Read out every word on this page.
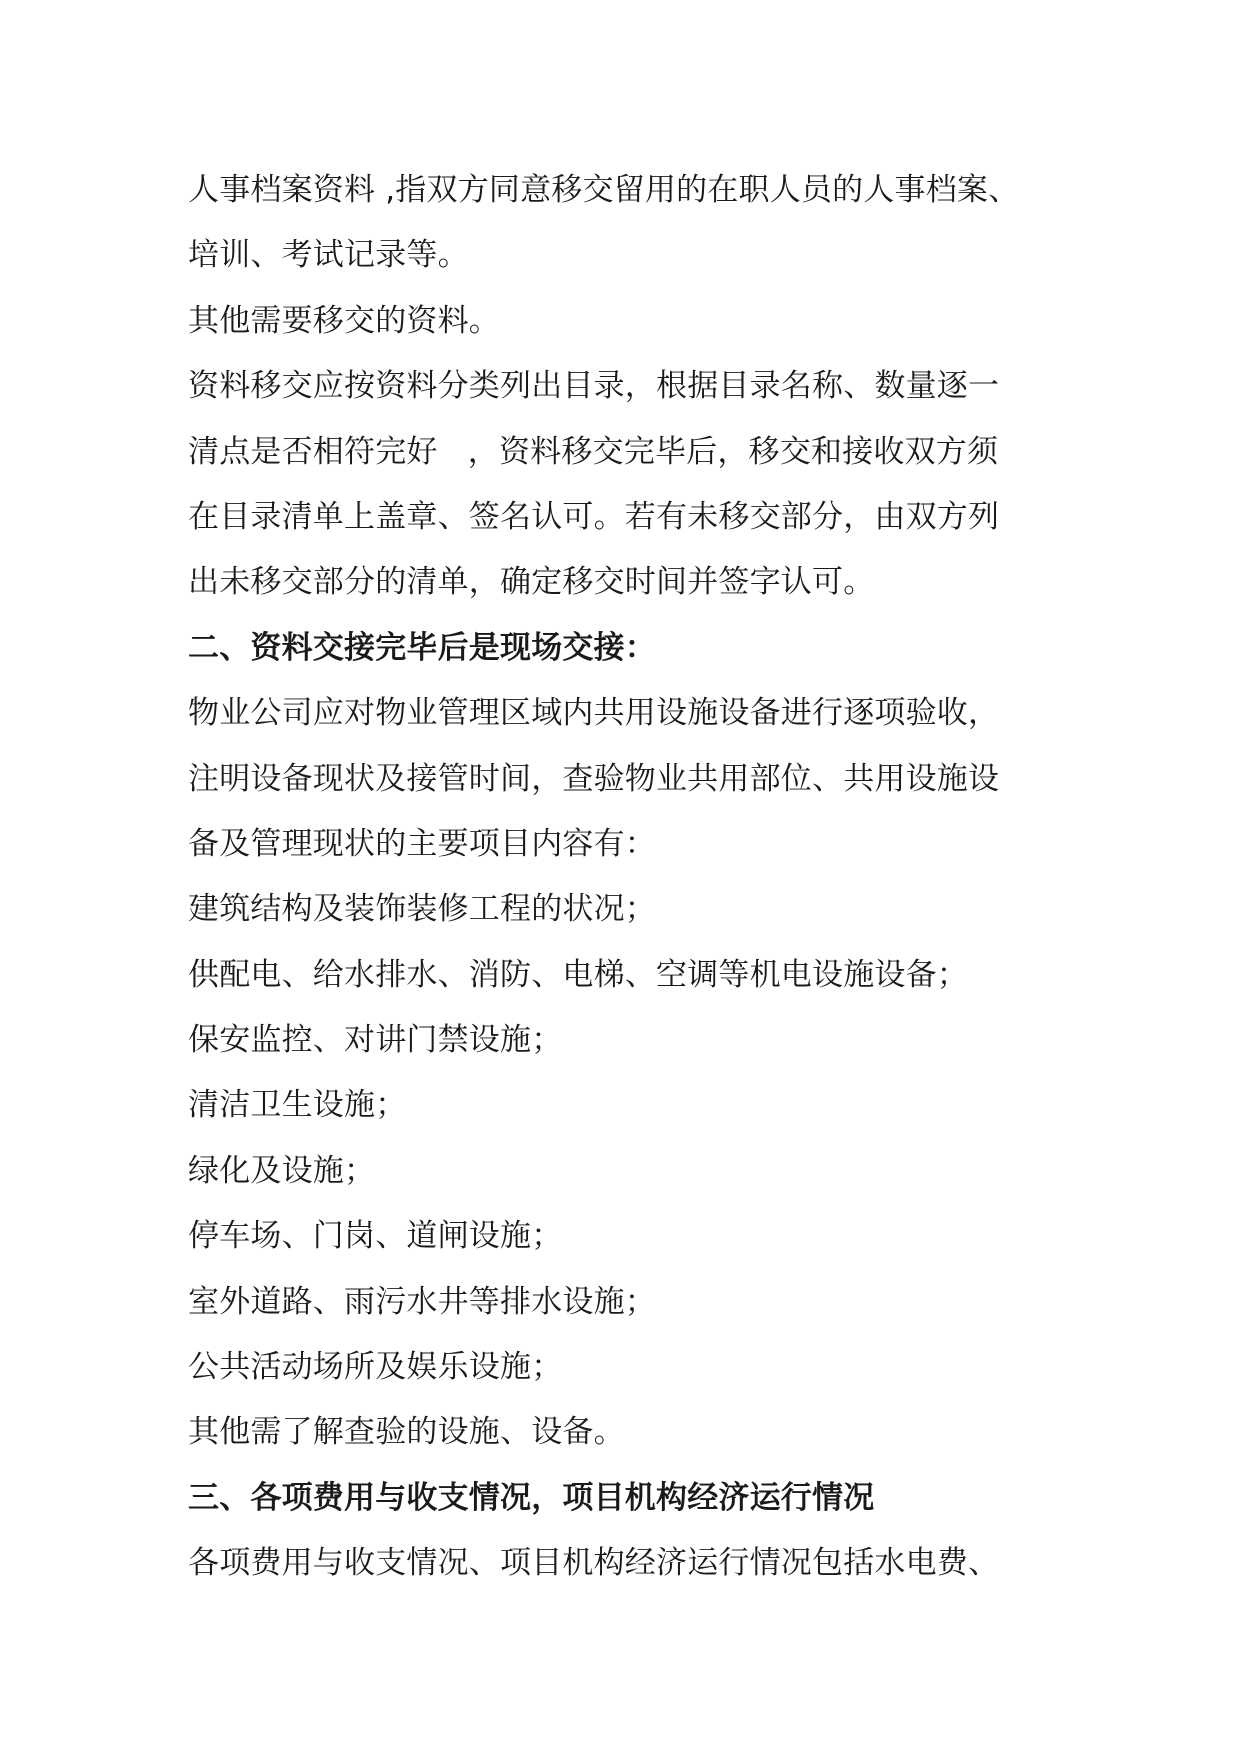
人事档案资料 ,指双方同意移交留用的在职人员的人事档案、
培训、考试记录等。
其他需要移交的资料。
资料移交应按资料分类列出目录，根据目录名称、数量逐一
清点是否相符完好   ，资料移交完毕后，移交和接收双方须
在目录清单上盖章、签名认可。若有未移交部分，由双方列
出未移交部分的清单，确定移交时间并签字认可。
二、资料交接完毕后是现场交接：
物业公司应对物业管理区域内共用设施设备进行逐项验收，
注明设备现状及接管时间，查验物业共用部位、共用设施设
备及管理现状的主要项目内容有：
建筑结构及装饰装修工程的状况；
供配电、给水排水、消防、电梯、空调等机电设施设备；
保安监控、对讲门禁设施；
清洁卫生设施；
绿化及设施；
停车场、门岗、道闸设施；
室外道路、雨污水井等排水设施；
公共活动场所及娱乐设施；
其他需了解查验的设施、设备。
三、各项费用与收支情况，项目机构经济运行情况
各项费用与收支情况、项目机构经济运行情况包括水电费、
